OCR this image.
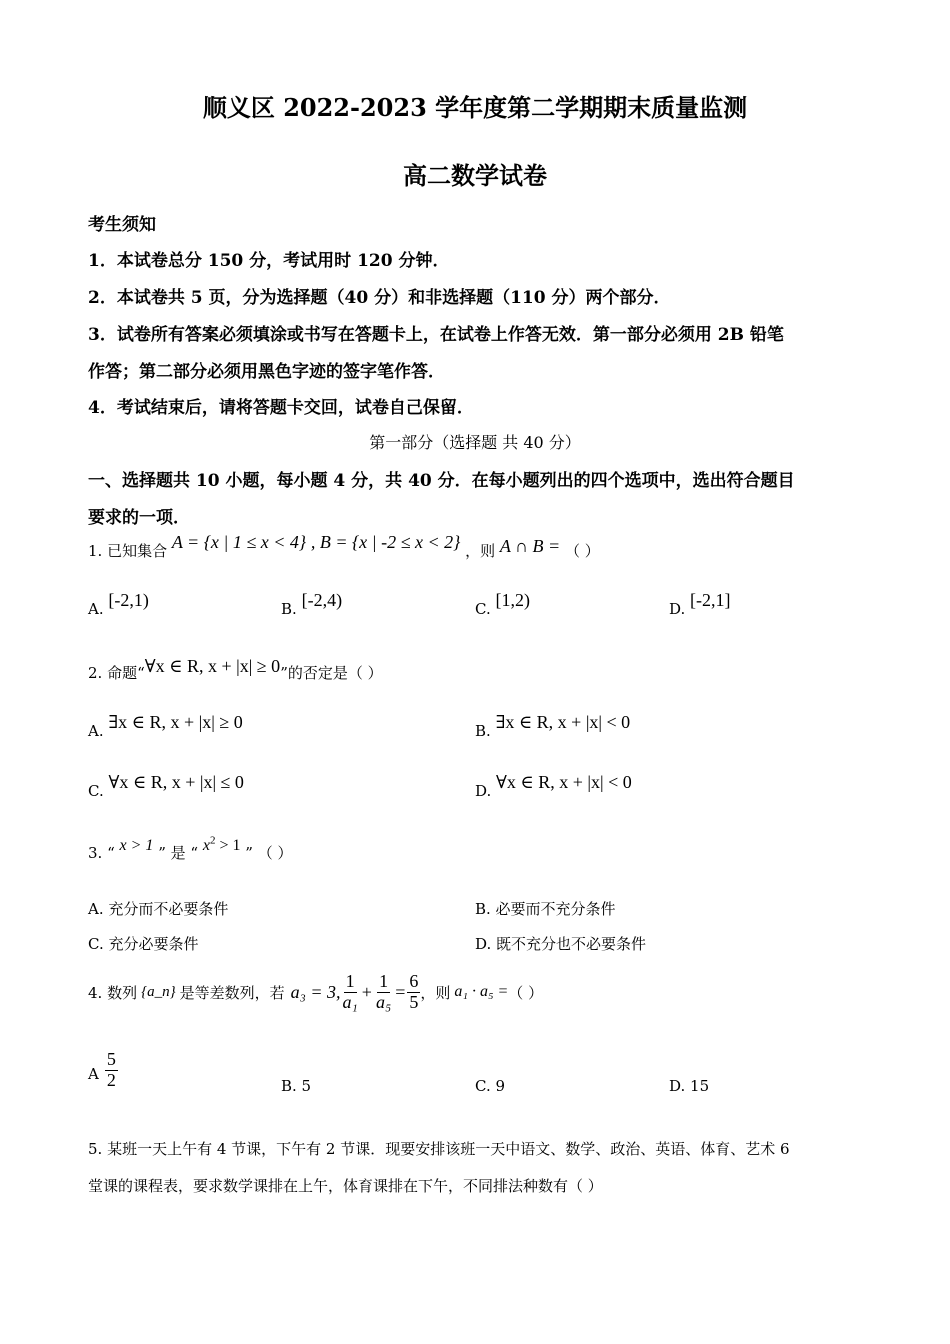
顺义区 2022-2023 学年度第二学期期末质量监测
高二数学试卷
考生须知
1．本试卷总分 150 分，考试用时 120 分钟．
2．本试卷共 5 页，分为选择题（40 分）和非选择题（110 分）两个部分．
3．试卷所有答案必须填涂或书写在答题卡上，在试卷上作答无效．第一部分必须用 2B 铅笔
作答；第二部分必须用黑色字迹的签字笔作答．
4．考试结束后，请将答题卡交回，试卷自己保留．
第一部分（选择题 共 40 分）
一、选择题共 10 小题，每小题 4 分，共 40 分．在每小题列出的四个选项中，选出符合题目
要求的一项．
1. 已知集合 A = {x | 1 ≤ x < 4} , B = {x | -2 ≤ x < 2} ，则 A ∩ B = （ ）
A. [-2,1)	B. [-2,4)	C. [1,2)	D. [-2,1]
2. 命题“∀x ∈ R, x + |x| ≥ 0”的否定是（ ）
A. ∃x ∈ R, x + |x| ≥ 0	B. ∃x ∈ R, x + |x| < 0
C. ∀x ∈ R, x + |x| ≤ 0	D. ∀x ∈ R, x + |x| < 0
3. “ x > 1 ” 是 “ $x^2 > 1$ ” （ ）
A. 充分而不必要条件	B. 必要而不充分条件
C. 充分必要条件	D. 既不充分也不必要条件
4. 数列 {a_n} 是等差数列，若 a₃ = 3, $\frac{1}{\text{a₁}} + \frac{1}{\text{a₅}} = \frac{6}{5}$ ，则 a₁ · a₅ = （ ）
A $\frac{5}{2}$	B. 5	C. 9	D. 15
5. 某班一天上午有 4 节课，下午有 2 节课．现要安排该班一天中语文、数学、政治、英语、体育、艺术 6
堂课的课程表，要求数学课排在上午，体育课排在下午，不同排法种数有（ ）
